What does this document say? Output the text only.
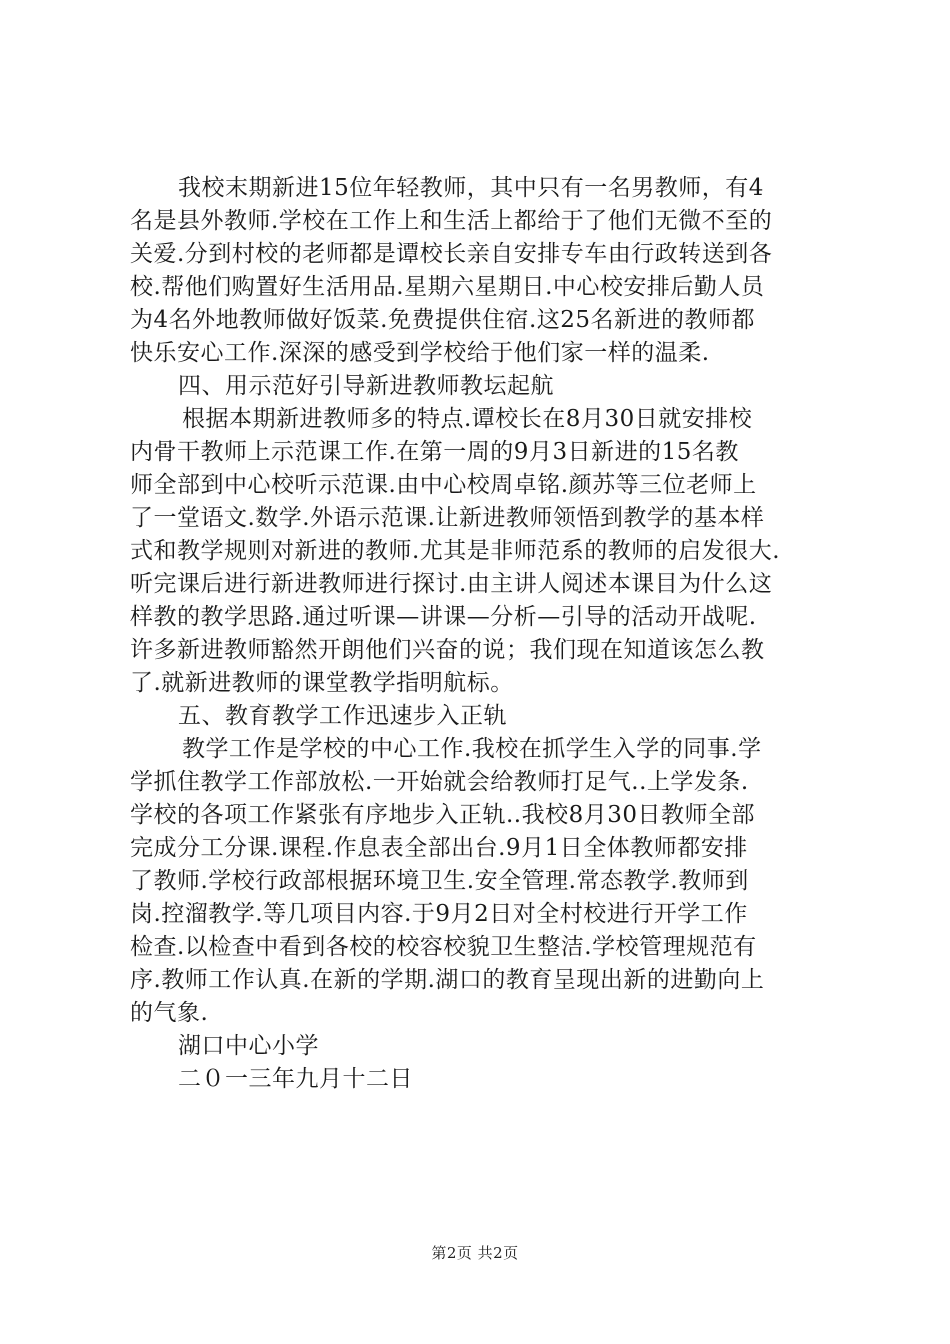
我校末期新进15位年轻教师，其中只有一名男教师，有4
名是县外教师.学校在工作上和生活上都给于了他们无微不至的
关爱.分到村校的老师都是谭校长亲自安排专车由行政转送到各
校.帮他们购置好生活用品.星期六星期日.中心校安排后勤人员
为4名外地教师做好饭菜.免费提供住宿.这25名新进的教师都
快乐安心工作.深深的感受到学校给于他们家一样的温柔.
四、用示范好引导新进教师教坛起航
根据本期新进教师多的特点.谭校长在8月30日就安排校
内骨干教师上示范课工作.在第一周的9月3日新进的15名教
师全部到中心校听示范课.由中心校周卓铭.颜苏等三位老师上
了一堂语文.数学.外语示范课.让新进教师领悟到教学的基本样
式和教学规则对新进的教师.尤其是非师范系的教师的启发很大.
听完课后进行新进教师进行探讨.由主讲人阅述本课目为什么这
样教的教学思路.通过听课—讲课—分析—引导的活动开战呢.
许多新进教师豁然开朗他们兴奋的说；我们现在知道该怎么教
了.就新进教师的课堂教学指明航标。
五、教育教学工作迅速步入正轨
教学工作是学校的中心工作.我校在抓学生入学的同事.学
学抓住教学工作部放松.一开始就会给教师打足气..上学发条.
学校的各项工作紧张有序地步入正轨..我校8月30日教师全部
完成分工分课.课程.作息表全部出台.9月1日全体教师都安排
了教师.学校行政部根据环境卫生.安全管理.常态教学.教师到
岗.控溜教学.等几项目内容.于9月2日对全村校进行开学工作
检查.以检查中看到各校的校容校貌卫生整洁.学校管理规范有
序.教师工作认真.在新的学期.湖口的教育呈现出新的进勤向上
的气象.
湖口中心小学
二０一三年九月十二日
第2页 共2页
